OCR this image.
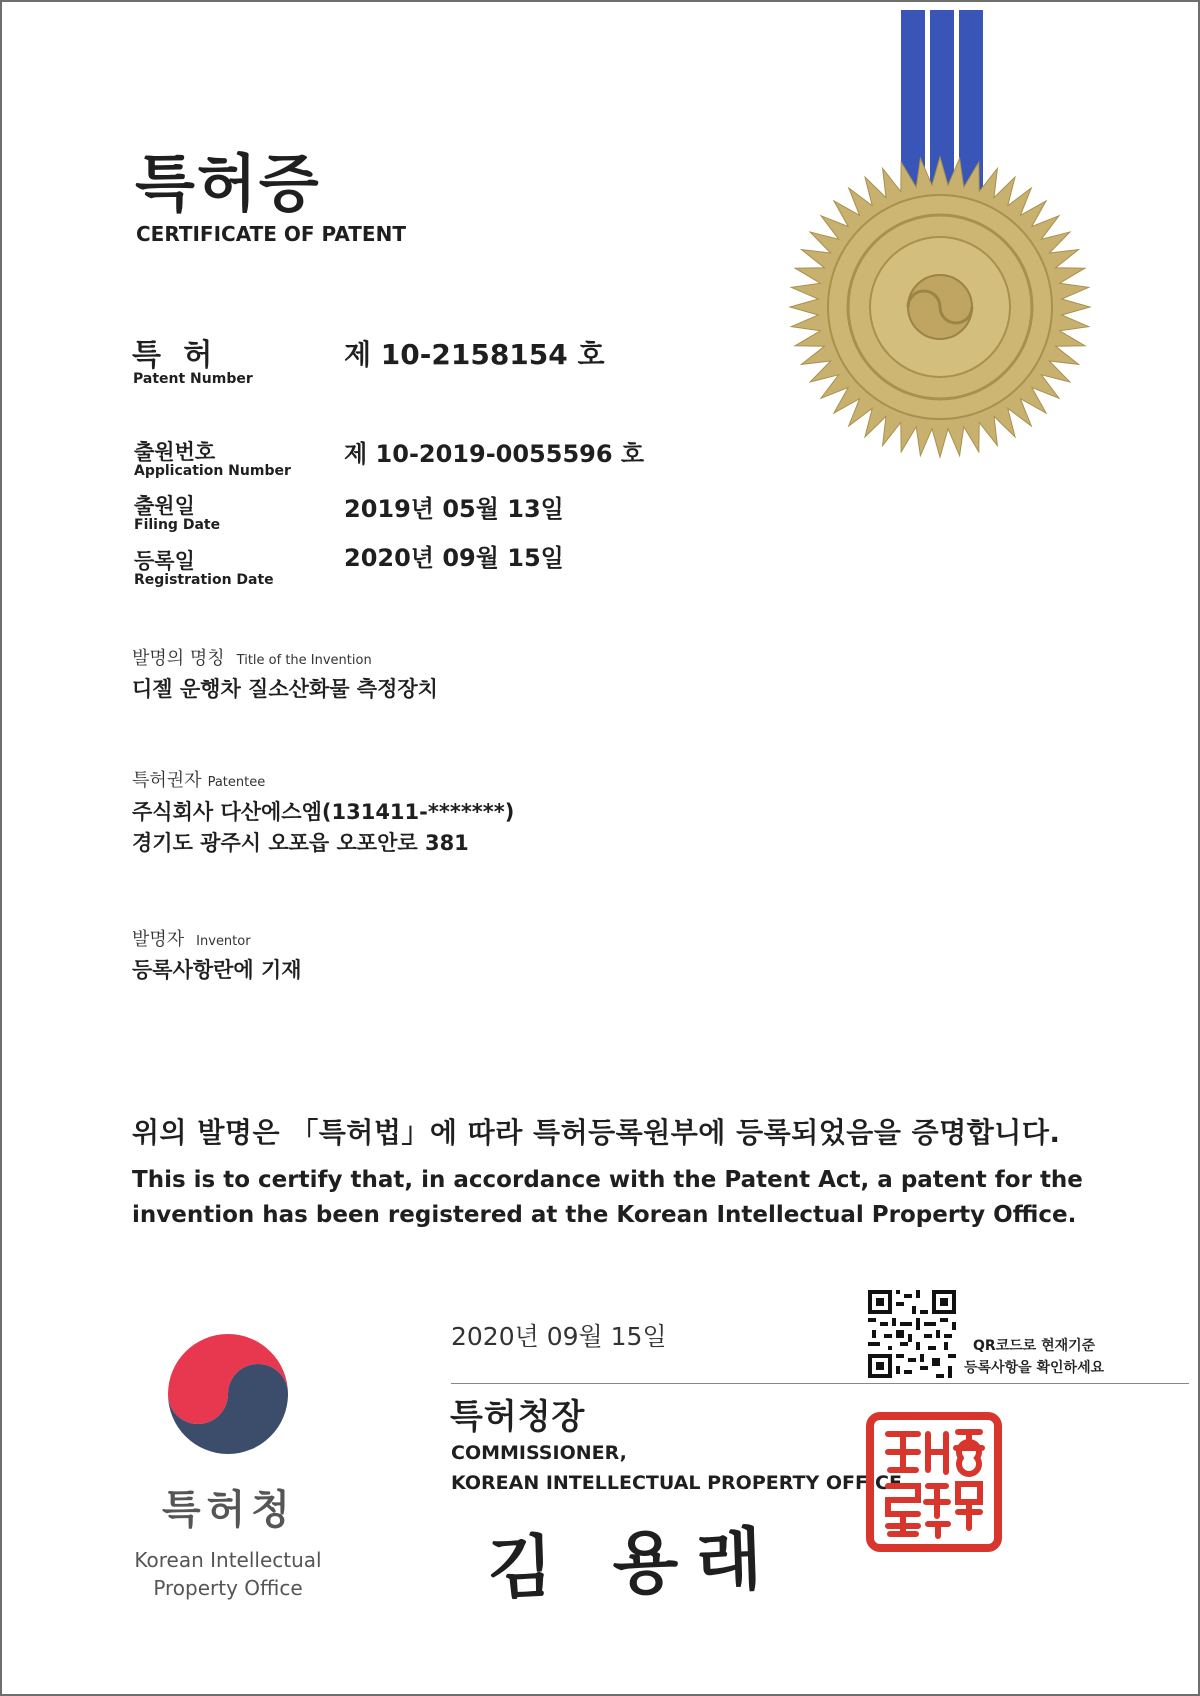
특허증
CERTIFICATE OF PATENT
특 허
Patent Number
제 10-2158154 호
출원번호
Application Number
제 10-2019-0055596 호
출원일
Filing Date
2019년 05월 13일
등록일
Registration Date
2020년 09월 15일
발명의 명칭 Title of the Invention
디젤 운행차 질소산화물 측정장치
특허권자 Patentee
주식회사 다산에스엠(131411-*******)
경기도 광주시 오포읍 오포안로 381
발명자 Inventor
등록사항란에 기재
위의 발명은 「특허법」에 따라 특허등록원부에 등록되었음을 증명합니다.
This is to certify that, in accordance with the Patent Act, a patent for the invention has been registered at the Korean Intellectual Property Office.
특허청
Korean Intellectual Property Office
2020년 09월 15일	QR코드로 현재기준
등록사항을 확인하세요
특허청장
COMMISSIONER,
KOREAN INTELLECTUAL PROPERTY OFFICE
김 용래
